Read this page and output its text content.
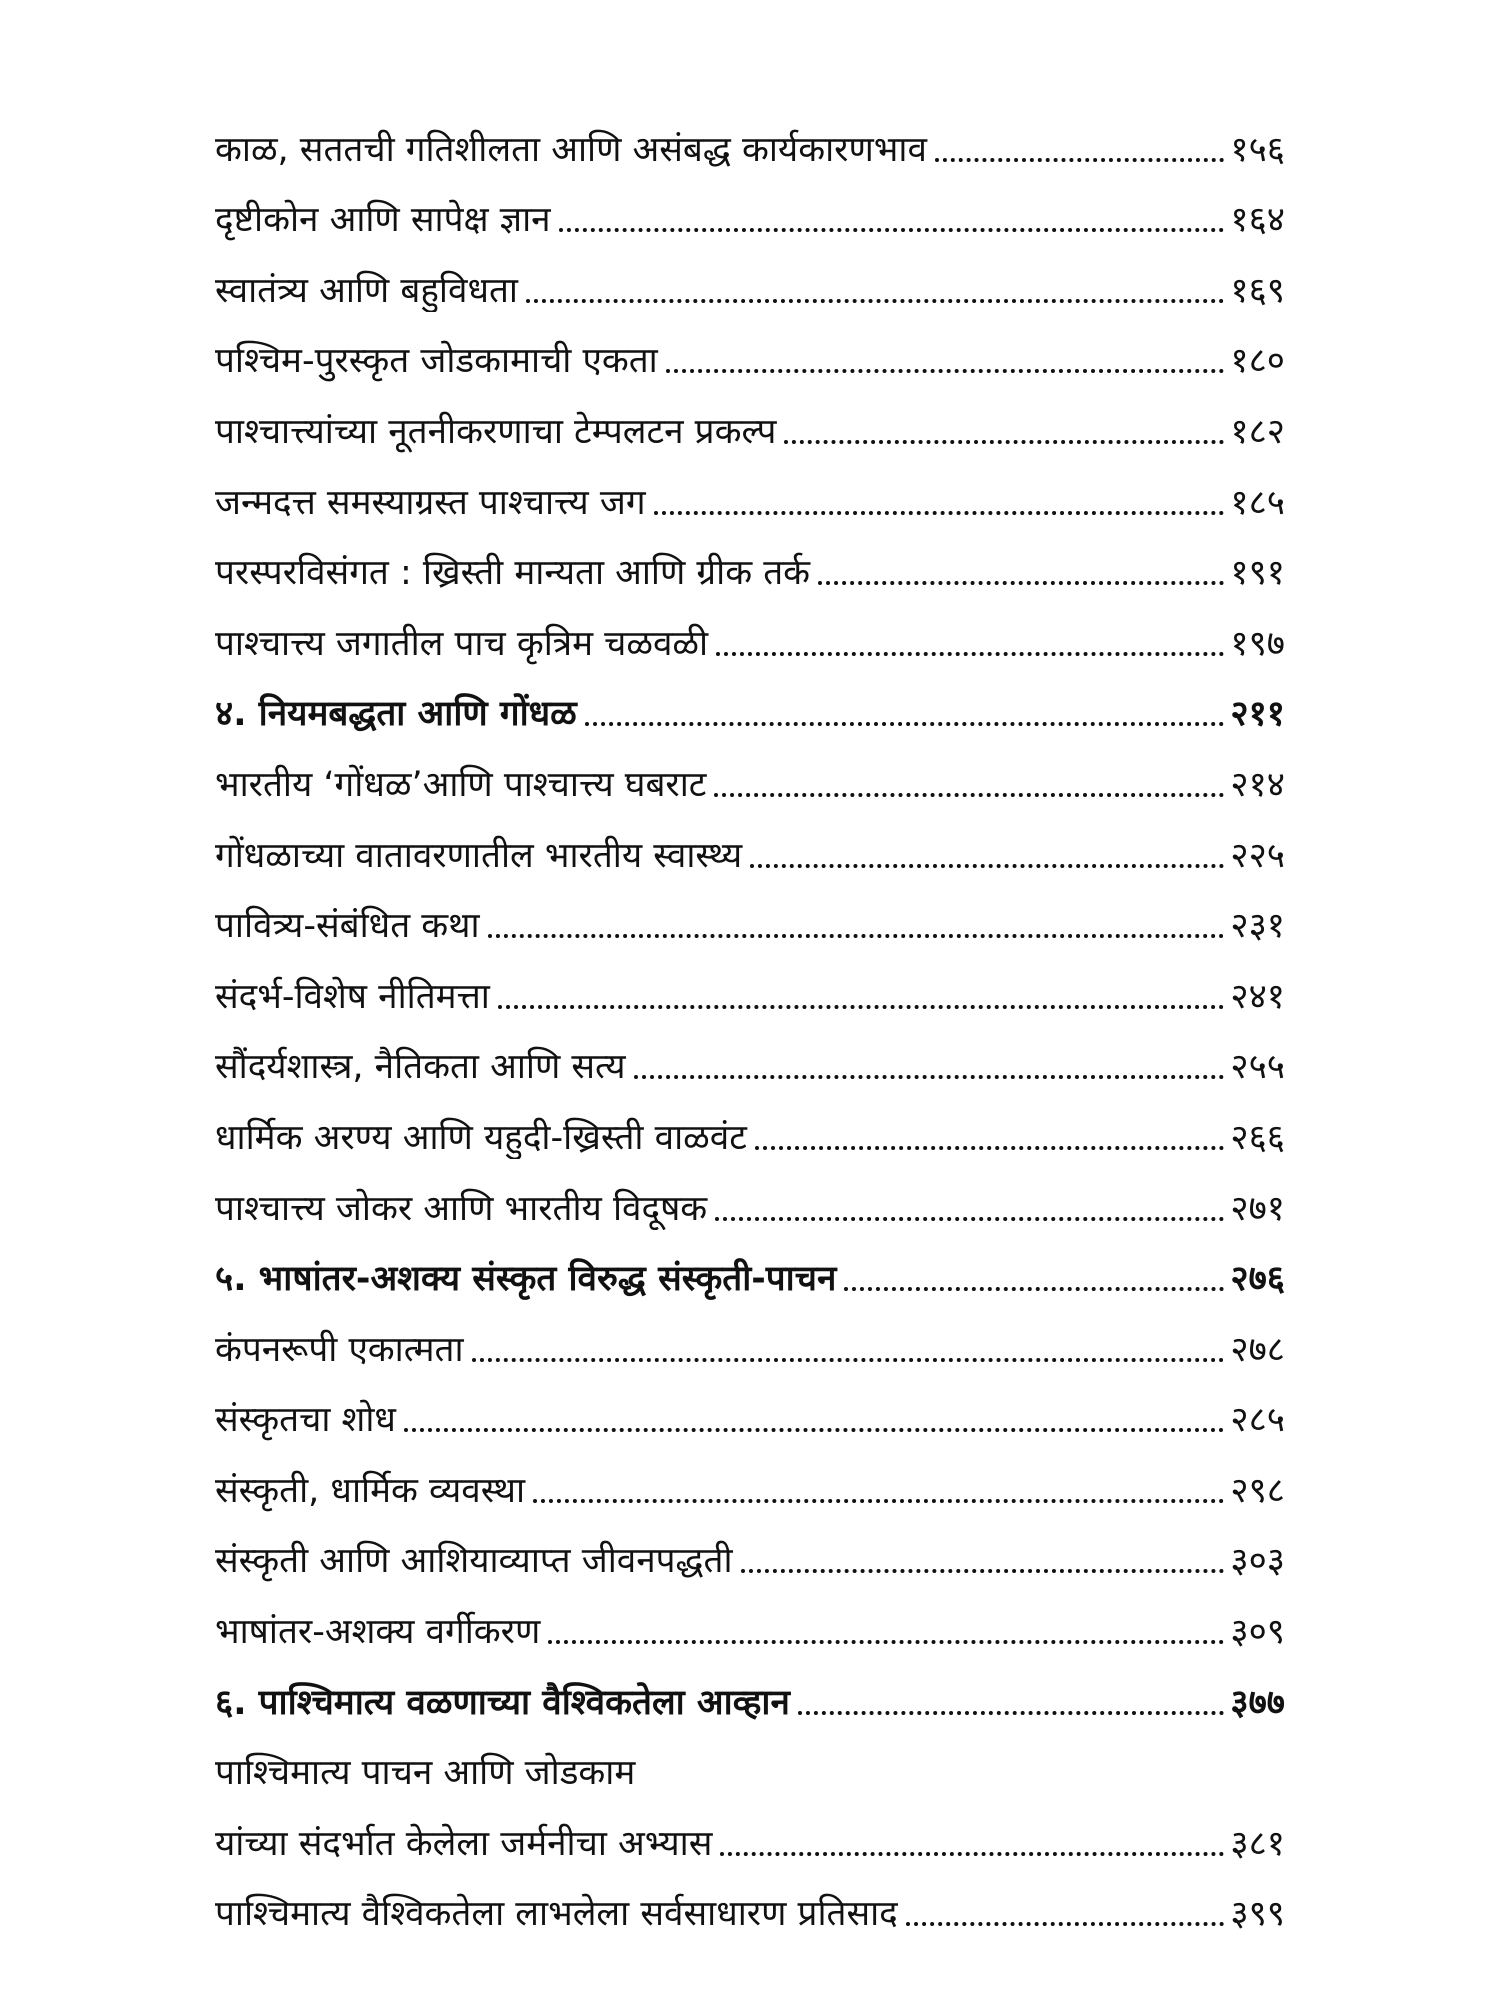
काळ, सततची गतिशीलता आणि असंबद्ध कार्यकारणभाव	१५६
दृष्टीकोन आणि सापेक्ष ज्ञान	१६४
स्वातंत्र्य आणि बहुविधता	१६९
पश्चिम-पुरस्कृत जोडकामाची एकता	१८०
पाश्चात्त्यांच्या नूतनीकरणाचा टेम्पलटन प्रकल्प	१८२
जन्मदत्त समस्याग्रस्त पाश्चात्त्य जग	१८५
परस्परविसंगत : ख्रिस्ती मान्यता आणि ग्रीक तर्क	१९१
पाश्चात्त्य जगातील पाच कृत्रिम चळवळी	१९७
४. नियमबद्धता आणि गोंधळ	२११
भारतीय ‘गोंधळ’आणि पाश्चात्त्य घबराट	२१४
गोंधळाच्या वातावरणातील भारतीय स्वास्थ्य	२२५
पावित्र्य-संबंधित कथा	२३१
संदर्भ-विशेष नीतिमत्ता	२४१
सौंदर्यशास्त्र, नैतिकता आणि सत्य	२५५
धार्मिक अरण्य आणि यहुदी-ख्रिस्ती वाळवंट	२६६
पाश्चात्त्य जोकर आणि भारतीय विदूषक	२७१
५. भाषांतर-अशक्य संस्कृत विरुद्ध संस्कृती-पाचन	२७६
कंपनरूपी एकात्मता	२७८
संस्कृतचा शोध	२८५
संस्कृती, धार्मिक व्यवस्था	२९८
संस्कृती आणि आशियाव्याप्त जीवनपद्धती	३०३
भाषांतर-अशक्य वर्गीकरण	३०९
६. पाश्चिमात्य वळणाच्या वैश्विकतेला आव्हान	३७७
पाश्चिमात्य पाचन आणि जोडकाम
यांच्या संदर्भात केलेला जर्मनीचा अभ्यास	३८१
पाश्चिमात्य वैश्विकतेला लाभलेला सर्वसाधारण प्रतिसाद	३९९
